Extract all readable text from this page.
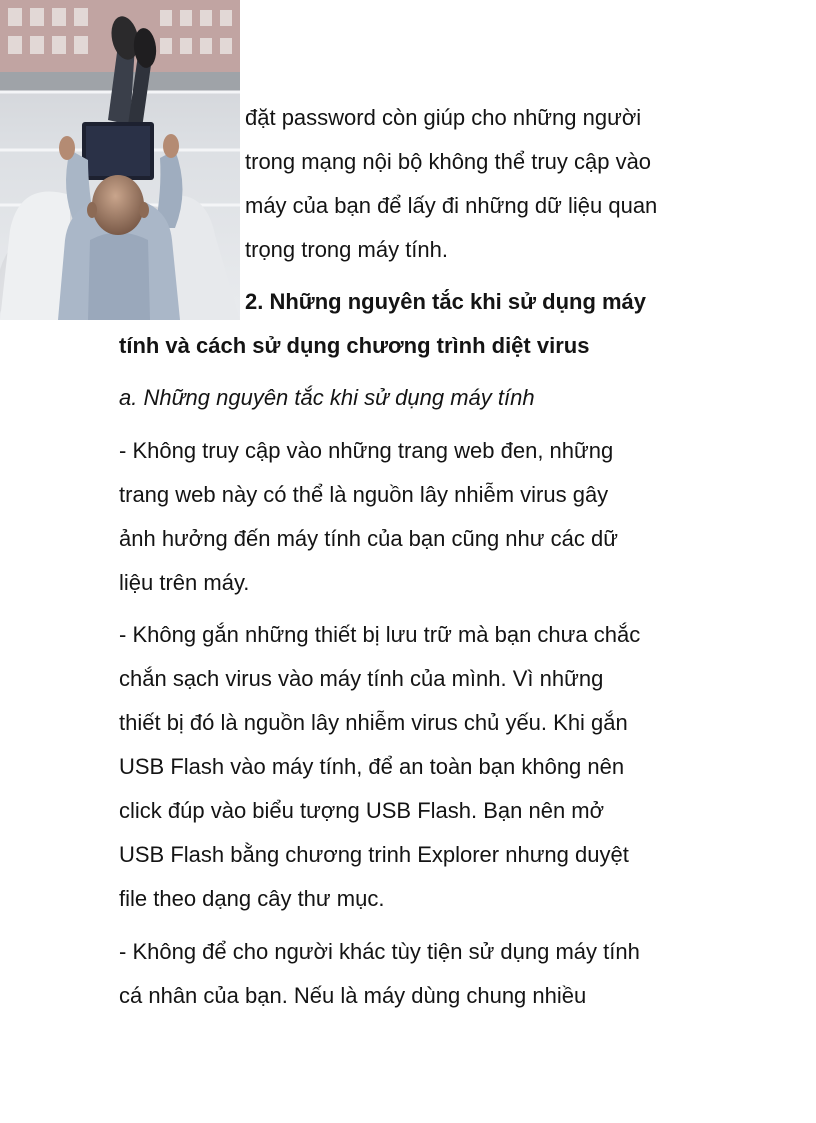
đặt password còn giúp cho những người
trong mạng nội bộ không thể truy cập vào
máy của bạn để lấy đi những dữ liệu quan
trọng trong máy tính.
2. Những nguyên tắc khi sử dụng máy
tính và cách sử dụng chương trình diệt virus
a. Những nguyên tắc khi sử dụng máy tính
- Không truy cập vào những trang web đen, những
trang web này có thể là nguồn lây nhiễm virus gây
ảnh hưởng đến máy tính của bạn cũng như các dữ
liệu trên máy.
- Không gắn những thiết bị lưu trữ mà bạn chưa chắc
chắn sạch virus vào máy tính của mình. Vì những
thiết bị đó là nguồn lây nhiễm virus chủ yếu. Khi gắn
USB Flash vào máy tính, để an toàn bạn không nên
click đúp vào biểu tượng USB Flash. Bạn nên mở
USB Flash bằng chương trinh Explorer nhưng duyệt
file theo dạng cây thư mục.
- Không để cho người khác tùy tiện sử dụng máy tính
cá nhân của bạn. Nếu là máy dùng chung nhiều
